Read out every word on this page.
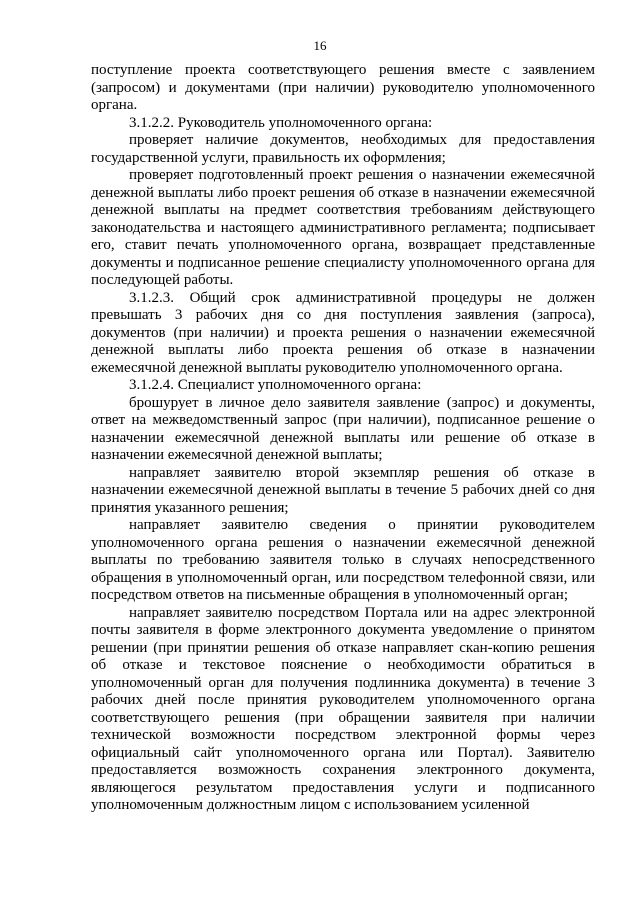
16

поступление проекта соответствующего решения вместе с заявлением (запросом) и документами (при наличии) руководителю уполномоченного органа.

3.1.2.2. Руководитель уполномоченного органа:

проверяет наличие документов, необходимых для предоставления государственной услуги, правильность их оформления;

проверяет подготовленный проект решения о назначении ежемесячной денежной выплаты либо проект решения об отказе в назначении ежемесячной денежной выплаты на предмет соответствия требованиям действующего законодательства и настоящего административного регламента; подписывает его, ставит печать уполномоченного органа, возвращает представленные документы и подписанное решение специалисту уполномоченного органа для последующей работы.

3.1.2.3. Общий срок административной процедуры не должен превышать 3 рабочих дня со дня поступления заявления (запроса), документов (при наличии) и проекта решения о назначении ежемесячной денежной выплаты либо проекта решения об отказе в назначении ежемесячной денежной выплаты руководителю уполномоченного органа.

3.1.2.4. Специалист уполномоченного органа:

брошурует в личное дело заявителя заявление (запрос) и документы, ответ на межведомственный запрос (при наличии), подписанное решение о назначении ежемесячной денежной выплаты или решение об отказе в назначении ежемесячной денежной выплаты;

направляет заявителю второй экземпляр решения об отказе в назначении ежемесячной денежной выплаты в течение 5 рабочих дней со дня принятия указанного решения;

направляет заявителю сведения о принятии руководителем уполномоченного органа решения о назначении ежемесячной денежной выплаты по требованию заявителя только в случаях непосредственного обращения в уполномоченный орган, или посредством телефонной связи, или посредством ответов на письменные обращения в уполномоченный орган;

направляет заявителю посредством Портала или на адрес электронной почты заявителя в форме электронного документа уведомление о принятом решении (при принятии решения об отказе направляет скан-копию решения об отказе и текстовое пояснение о необходимости обратиться в уполномоченный орган для получения подлинника документа) в течение 3 рабочих дней после принятия руководителем уполномоченного органа соответствующего решения (при обращении заявителя при наличии технической возможности посредством электронной формы через официальный сайт уполномоченного органа или Портал). Заявителю предоставляется возможность сохранения электронного документа, являющегося результатом предоставления услуги и подписанного уполномоченным должностным лицом с использованием усиленной
